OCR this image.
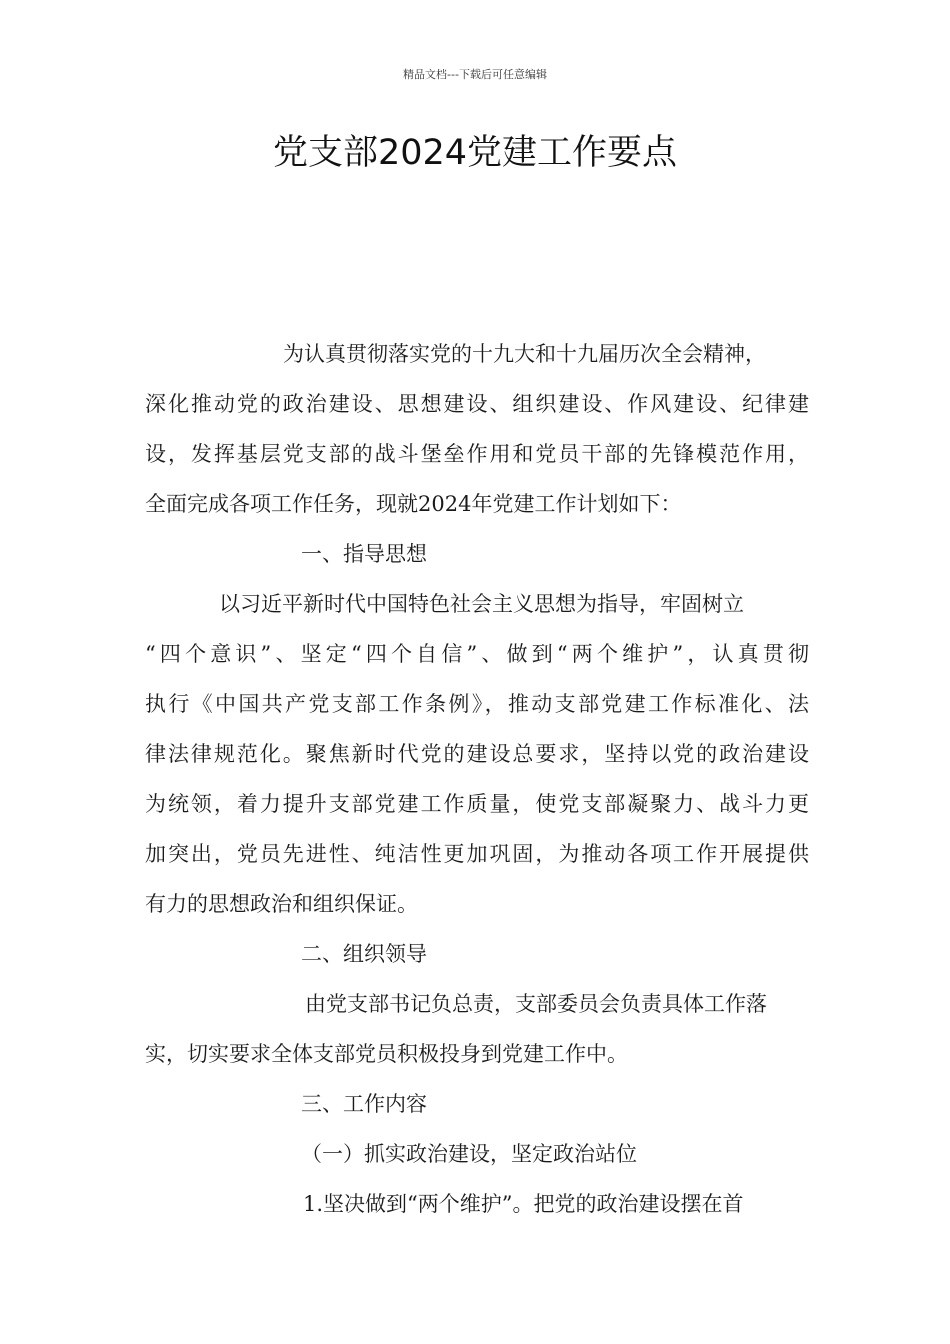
精品文档---下载后可任意编辑
党支部2024党建工作要点
为认真贯彻落实党的十九大和十九届历次全会精神，
深化推动党的政治建设、思想建设、组织建设、作风建设、纪律建
设，发挥基层党支部的战斗堡垒作用和党员干部的先锋模范作用，
全面完成各项工作任务，现就2024年党建工作计划如下：
一、指导思想
以习近平新时代中国特色社会主义思想为指导，牢固树立
“四个意识”、坚定“四个自信”、做到“两个维护”，认真贯彻
执行《中国共产党支部工作条例》，推动支部党建工作标准化、法
律法律规范化。聚焦新时代党的建设总要求，坚持以党的政治建设
为统领，着力提升支部党建工作质量，使党支部凝聚力、战斗力更
加突出，党员先进性、纯洁性更加巩固，为推动各项工作开展提供
有力的思想政治和组织保证。
二、组织领导
由党支部书记负总责，支部委员会负责具体工作落
实，切实要求全体支部党员积极投身到党建工作中。
三、工作内容
（一）抓实政治建设，坚定政治站位
1.坚决做到“两个维护”。把党的政治建设摆在首
